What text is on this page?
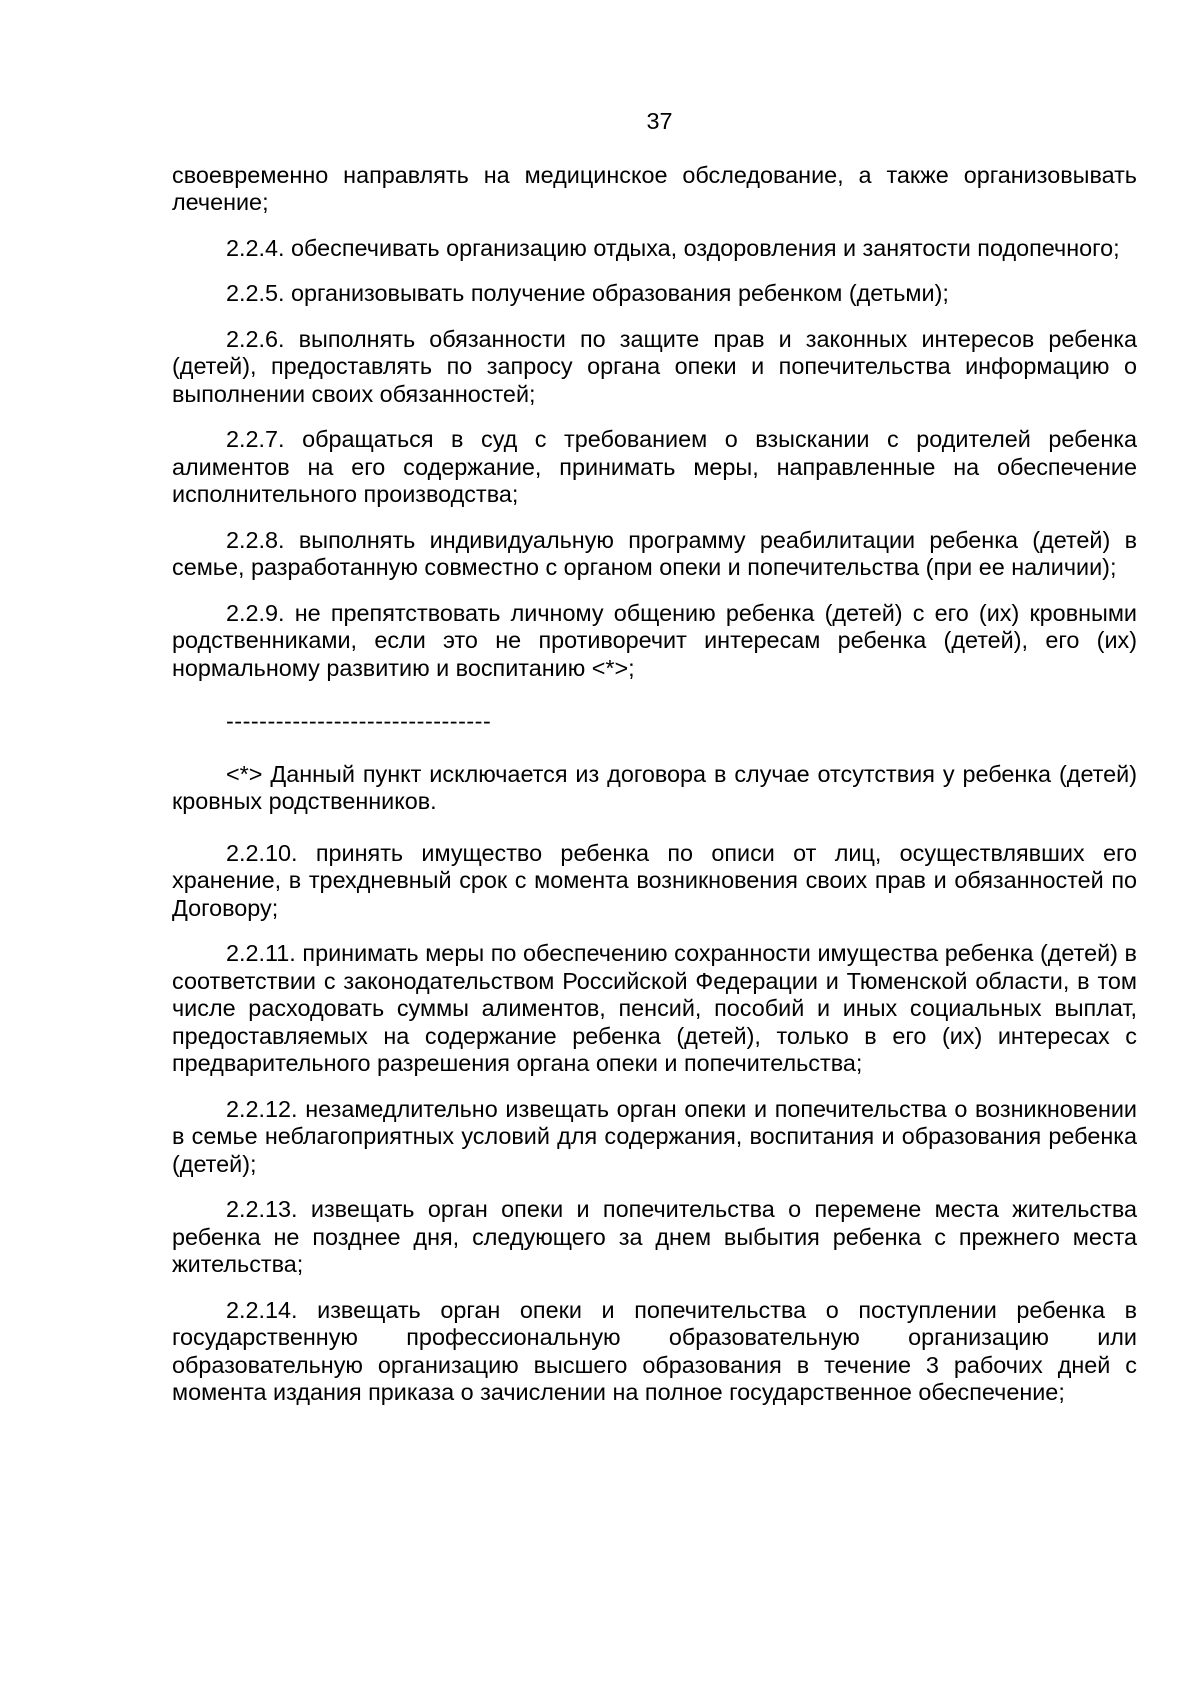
37

своевременно направлять на медицинское обследование, а также организовывать лечение;

2.2.4. обеспечивать организацию отдыха, оздоровления и занятости подопечного;

2.2.5. организовывать получение образования ребенком (детьми);

2.2.6. выполнять обязанности по защите прав и законных интересов ребенка (детей), предоставлять по запросу органа опеки и попечительства информацию о выполнении своих обязанностей;

2.2.7. обращаться в суд с требованием о взыскании с родителей ребенка алиментов на его содержание, принимать меры, направленные на обеспечение исполнительного производства;

2.2.8. выполнять индивидуальную программу реабилитации ребенка (детей) в семье, разработанную совместно с органом опеки и попечительства (при ее наличии);

2.2.9. не препятствовать личному общению ребенка (детей) с его (их) кровными родственниками, если это не противоречит интересам ребенка (детей), его (их) нормальному развитию и воспитанию <*>;

--------------------------------

<*> Данный пункт исключается из договора в случае отсутствия у ребенка (детей) кровных родственников.

2.2.10. принять имущество ребенка по описи от лиц, осуществлявших его хранение, в трехдневный срок с момента возникновения своих прав и обязанностей по Договору;

2.2.11. принимать меры по обеспечению сохранности имущества ребенка (детей) в соответствии с законодательством Российской Федерации и Тюменской области, в том числе расходовать суммы алиментов, пенсий, пособий и иных социальных выплат, предоставляемых на содержание ребенка (детей), только в его (их) интересах с предварительного разрешения органа опеки и попечительства;

2.2.12. незамедлительно извещать орган опеки и попечительства о возникновении в семье неблагоприятных условий для содержания, воспитания и образования ребенка (детей);

2.2.13. извещать орган опеки и попечительства о перемене места жительства ребенка не позднее дня, следующего за днем выбытия ребенка с прежнего места жительства;

2.2.14. извещать орган опеки и попечительства о поступлении ребенка в государственную профессиональную образовательную организацию или образовательную организацию высшего образования в течение 3 рабочих дней с момента издания приказа о зачислении на полное государственное обеспечение;
